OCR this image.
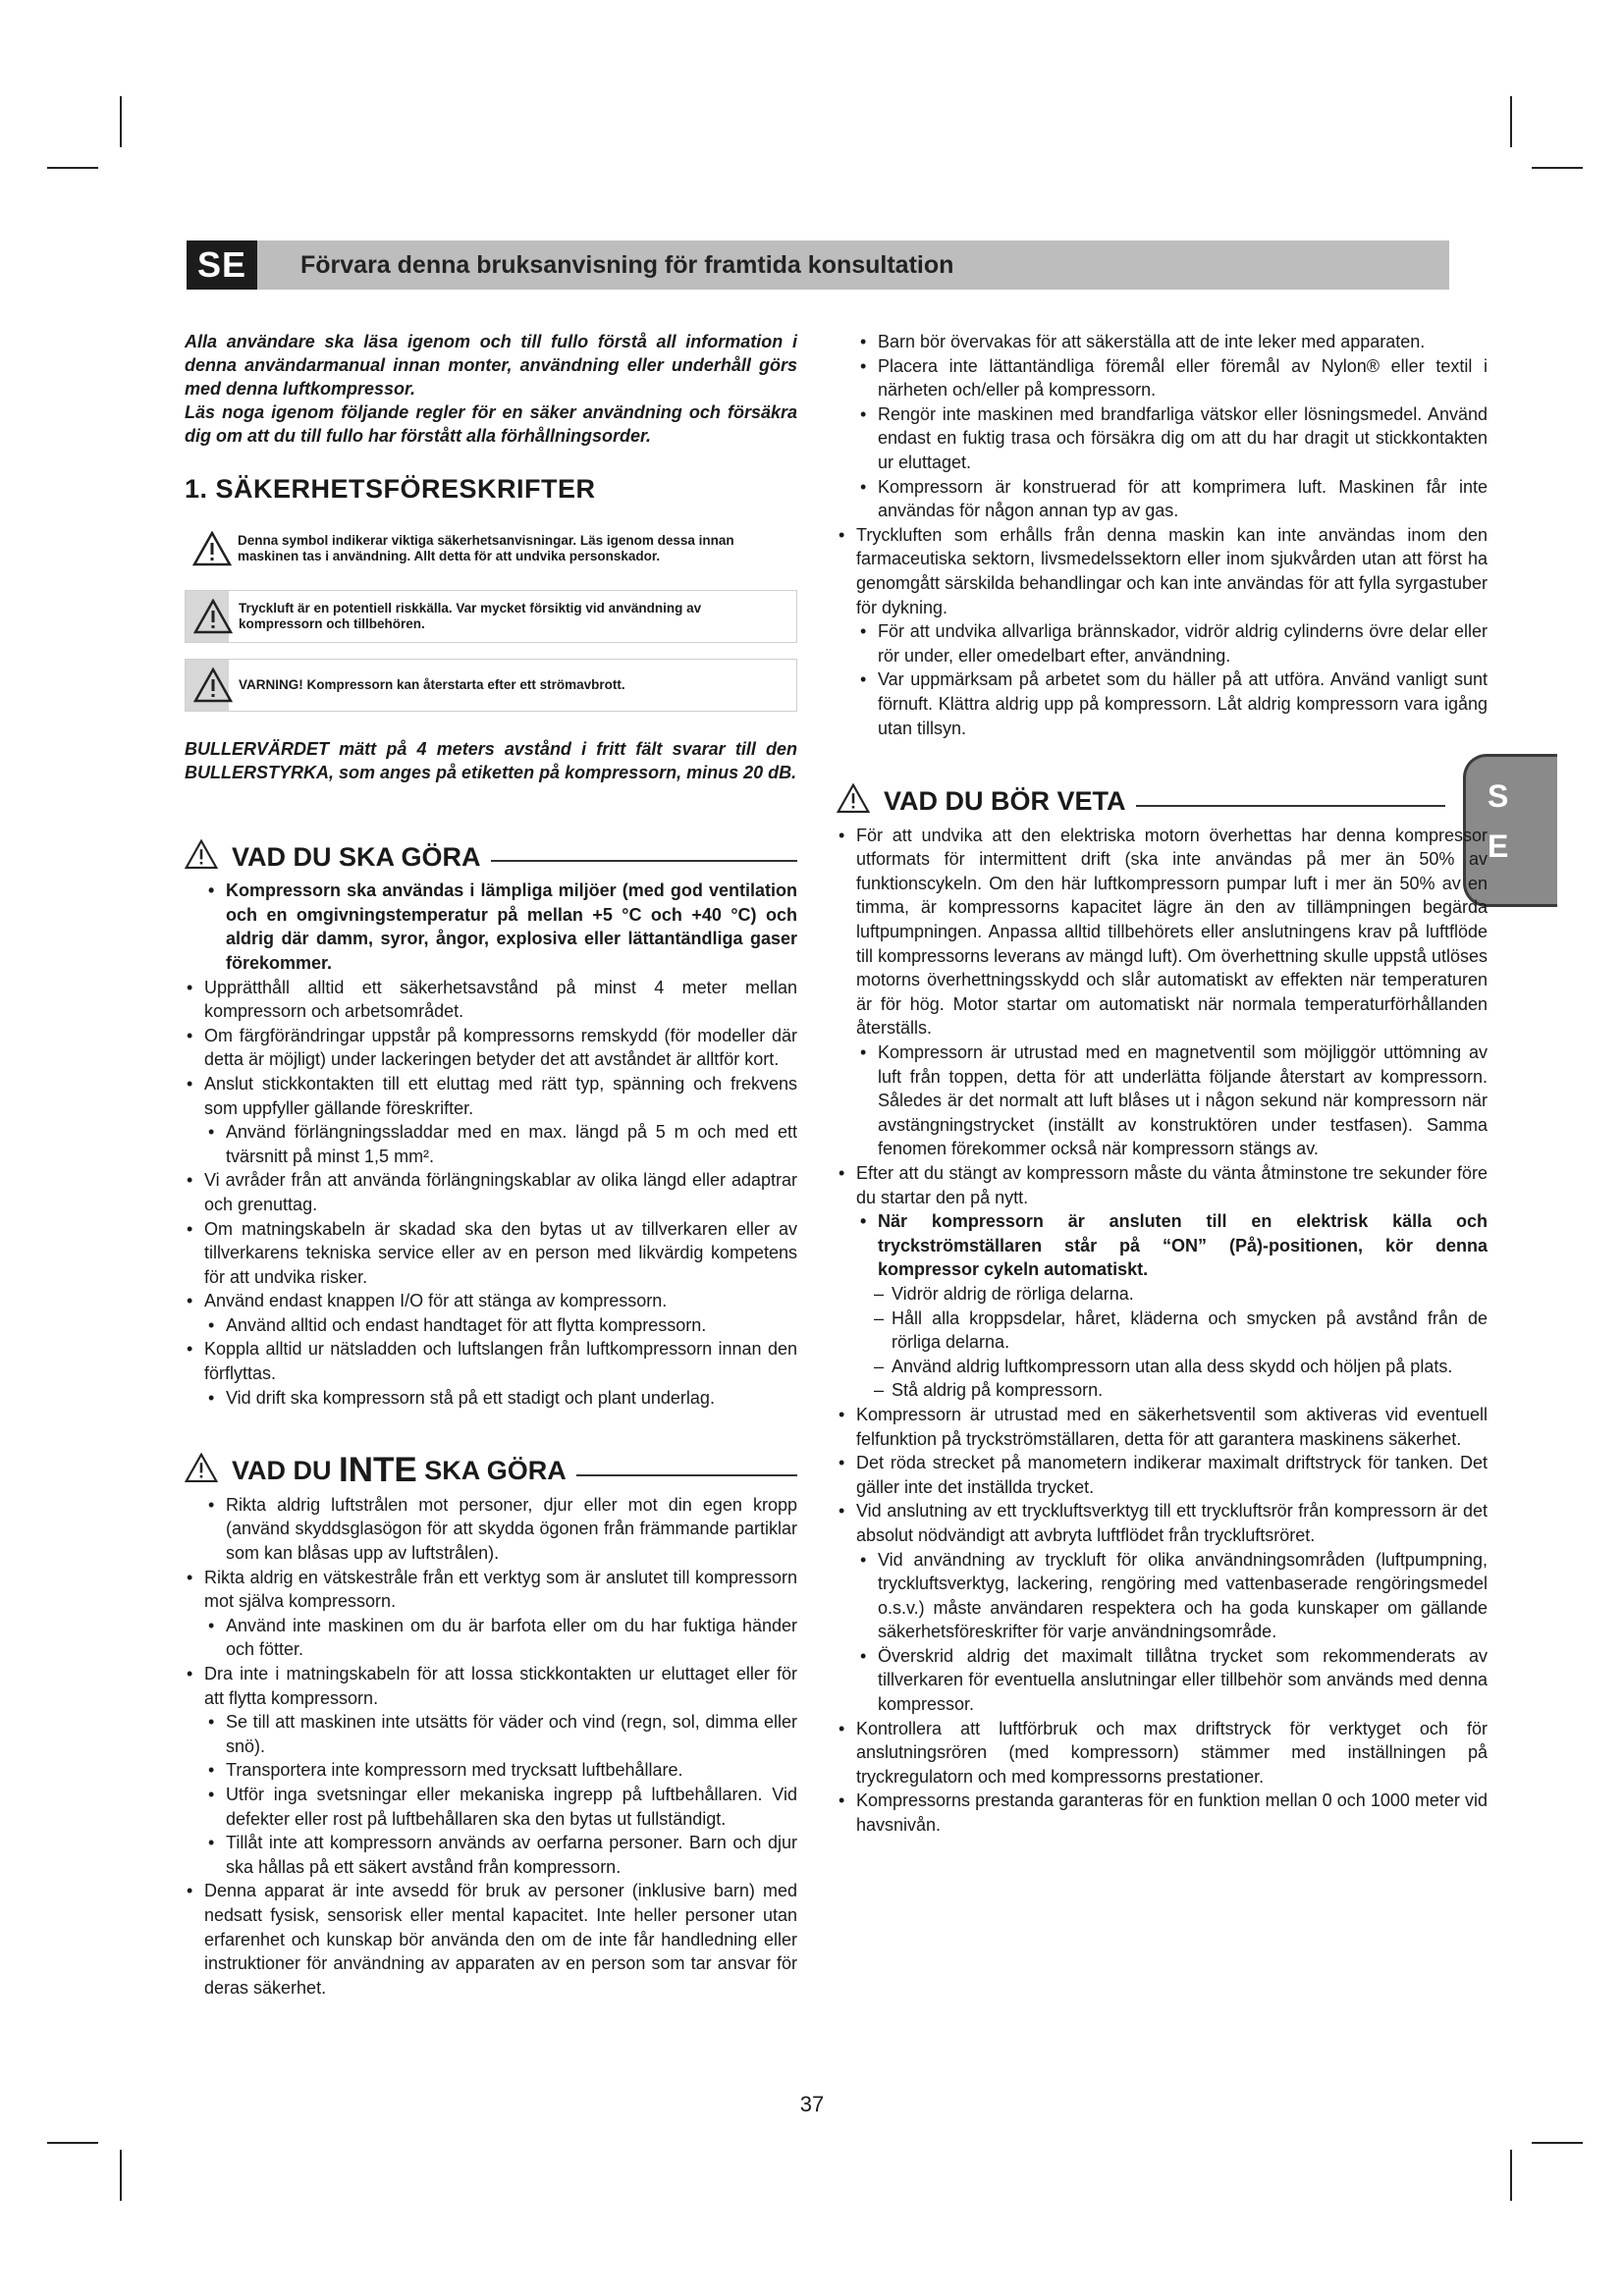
SE	Förvara denna bruksanvisning för framtida konsultation
S
E

Alla användare ska läsa igenom och till fullo förstå all information i denna användarmanual innan monter, användning eller underhåll görs med denna luftkompressor.

Läs noga igenom följande regler för en säker användning och försäkra dig om att du till fullo har förstått alla förhållningsorder.

1. SÄKERHETSFÖRESKRIFTER
Denna symbol indikerar viktiga säkerhetsanvisningar. Läs igenom dessa innan maskinen tas i användning. Allt detta för att undvika personskador.
Tryckluft är en potentiell riskkälla. Var mycket försiktig vid användning av kompressorn och tillbehören.
VARNING! Kompressorn kan återstarta efter ett strömavbrott.

BULLERVÄRDET mätt på 4 meters avstånd i fritt fält svarar till den BULLERSTYRKA, som anges på etiketten på kompressorn, minus 20 dB.

VAD DU SKA GÖRA
• Kompressorn ska användas i lämpliga miljöer (med god ventilation och en omgivningstemperatur på mellan +5 °C och +40 °C) och aldrig där damm, syror, ångor, explosiva eller lättantändliga gaser förekommer.
• Upprätthåll alltid ett säkerhetsavstånd på minst 4 meter mellan kompressorn och arbetsområdet.
• Om färgförändringar uppstår på kompressorns remskydd (för modeller där detta är möjligt) under lackeringen betyder det att avståndet är alltför kort.
• Anslut stickkontakten till ett eluttag med rätt typ, spänning och frekvens som uppfyller gällande föreskrifter.
• Använd förlängningssladdar med en max. längd på 5 m och med ett tvärsnitt på minst 1,5 mm².
• Vi avråder från att använda förlängningskablar av olika längd eller adaptrar och grenuttag.
• Om matningskabeln är skadad ska den bytas ut av tillverkaren eller av tillverkarens tekniska service eller av en person med likvärdig kompetens för att undvika risker.
• Använd endast knappen I/O för att stänga av kompressorn.
• Använd alltid och endast handtaget för att flytta kompressorn.
• Koppla alltid ur nätsladden och luftslangen från luftkompressorn innan den förflyttas.
• Vid drift ska kompressorn stå på ett stadigt och plant underlag.
VAD DU INTE SKA GÖRA
• Rikta aldrig luftstrålen mot personer, djur eller mot din egen kropp (använd skyddsglasögon för att skydda ögonen från främmande partiklar som kan blåsas upp av luftstrålen).
• Rikta aldrig en vätskestråle från ett verktyg som är anslutet till kompressorn mot själva kompressorn.
• Använd inte maskinen om du är barfota eller om du har fuktiga händer och fötter.
• Dra inte i matningskabeln för att lossa stickkontakten ur eluttaget eller för att flytta kompressorn.
• Se till att maskinen inte utsätts för väder och vind (regn, sol, dimma eller snö).
• Transportera inte kompressorn med trycksatt luftbehållare.
• Utför inga svetsningar eller mekaniska ingrepp på luftbehållaren. Vid defekter eller rost på luftbehållaren ska den bytas ut fullständigt.
• Tillåt inte att kompressorn används av oerfarna personer. Barn och djur ska hållas på ett säkert avstånd från kompressorn.
• Denna apparat är inte avsedd för bruk av personer (inklusive barn) med nedsatt fysisk, sensorisk eller mental kapacitet. Inte heller personer utan erfarenhet och kunskap bör använda den om de inte får handledning eller instruktioner för användning av apparaten av en person som tar ansvar för deras säkerhet.
• Barn bör övervakas för att säkerställa att de inte leker med apparaten.
• Placera inte lättantändliga föremål eller föremål av Nylon® eller textil i närheten och/eller på kompressorn.
• Rengör inte maskinen med brandfarliga vätskor eller lösningsmedel. Använd endast en fuktig trasa och försäkra dig om att du har dragit ut stickkontakten ur eluttaget.
• Kompressorn är konstruerad för att komprimera luft. Maskinen får inte användas för någon annan typ av gas.
• Tryckluften som erhålls från denna maskin kan inte användas inom den farmaceutiska sektorn, livsmedelssektorn eller inom sjukvården utan att först ha genomgått särskilda behandlingar och kan inte användas för att fylla syrgastuber för dykning.
• För att undvika allvarliga brännskador, vidrör aldrig cylinderns övre delar eller rör under, eller omedelbart efter, användning.
• Var uppmärksam på arbetet som du häller på att utföra. Använd vanligt sunt förnuft. Klättra aldrig upp på kompressorn. Låt aldrig kompressorn vara igång utan tillsyn.
VAD DU BÖR VETA
• För att undvika att den elektriska motorn överhettas har denna kompressor utformats för intermittent drift (ska inte användas på mer än 50% av funktionscykeln. Om den här luftkompressorn pumpar luft i mer än 50% av en timma, är kompressorns kapacitet lägre än den av tillämpningen begärda luftpumpningen. Anpassa alltid tillbehörets eller anslutningens krav på luftflöde till kompressorns leverans av mängd luft). Om överhettning skulle uppstå utlöses motorns överhettningsskydd och slår automatiskt av effekten när temperaturen är för hög. Motor startar om automatiskt när normala temperaturförhållanden återställs.
• Kompressorn är utrustad med en magnetventil som möjliggör uttömning av luft från toppen, detta för att underlätta följande återstart av kompressorn. Således är det normalt att luft blåses ut i någon sekund när kompressorn när avstängningstrycket (inställt av konstruktören under testfasen). Samma fenomen förekommer också när kompressorn stängs av.
• Efter att du stängt av kompressorn måste du vänta åtminstone tre sekunder före du startar den på nytt.
• När kompressorn är ansluten till en elektrisk källa och tryckströmställaren står på “ON” (På)-positionen, kör denna kompressor cykeln automatiskt.
– Vidrör aldrig de rörliga delarna.
– Håll alla kroppsdelar, håret, kläderna och smycken på avstånd från de rörliga delarna.
– Använd aldrig luftkompressorn utan alla dess skydd och höljen på plats.
– Stå aldrig på kompressorn.
• Kompressorn är utrustad med en säkerhetsventil som aktiveras vid eventuell felfunktion på tryckströmställaren, detta för att garantera maskinens säkerhet.
• Det röda strecket på manometern indikerar maximalt driftstryck för tanken. Det gäller inte det inställda trycket.
• Vid anslutning av ett tryckluftsverktyg till ett tryckluftsrör från kompressorn är det absolut nödvändigt att avbryta luftflödet från tryckluftsröret.
• Vid användning av tryckluft för olika användningsområden (luftpumpning, tryckluftsverktyg, lackering, rengöring med vattenbaserade rengöringsmedel o.s.v.) måste användaren respektera och ha goda kunskaper om gällande säkerhetsföreskrifter för varje användningsområde.
• Överskrid aldrig det maximalt tillåtna trycket som rekommenderats av tillverkaren för eventuella anslutningar eller tillbehör som används med denna kompressor.
• Kontrollera att luftförbruk och max driftstryck för verktyget och för anslutningsrören (med kompressorn) stämmer med inställningen på tryckregulatorn och med kompressorns prestationer.
• Kompressorns prestanda garanteras för en funktion mellan 0 och 1000 meter vid havsnivån.
37
